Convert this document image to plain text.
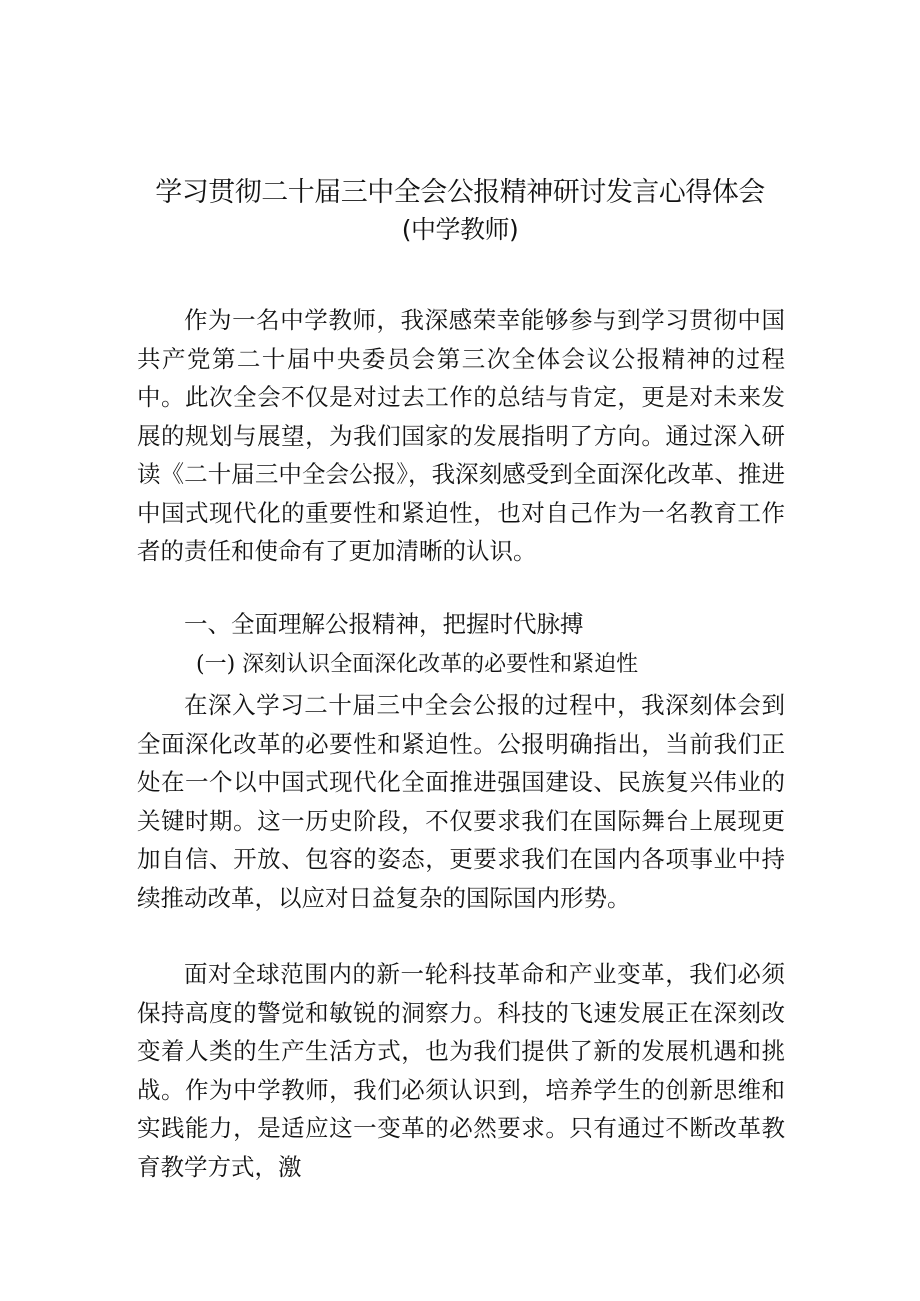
学习贯彻二十届三中全会公报精神研讨发言心得体会
(中学教师)

作为一名中学教师，我深感荣幸能够参与到学习贯彻中国共产党第二十届中央委员会第三次全体会议公报精神的过程中。此次全会不仅是对过去工作的总结与肯定，更是对未来发展的规划与展望，为我们国家的发展指明了方向。通过深入研读《二十届三中全会公报》，我深刻感受到全面深化改革、推进中国式现代化的重要性和紧迫性，也对自己作为一名教育工作者的责任和使命有了更加清晰的认识。

一、全面理解公报精神，把握时代脉搏

(一) 深刻认识全面深化改革的必要性和紧迫性

在深入学习二十届三中全会公报的过程中，我深刻体会到全面深化改革的必要性和紧迫性。公报明确指出，当前我们正处在一个以中国式现代化全面推进强国建设、民族复兴伟业的关键时期。这一历史阶段，不仅要求我们在国际舞台上展现更加自信、开放、包容的姿态，更要求我们在国内各项事业中持续推动改革，以应对日益复杂的国际国内形势。

面对全球范围内的新一轮科技革命和产业变革，我们必须保持高度的警觉和敏锐的洞察力。科技的飞速发展正在深刻改变着人类的生产生活方式，也为我们提供了新的发展机遇和挑战。作为中学教师，我们必须认识到，培养学生的创新思维和实践能力，是适应这一变革的必然要求。只有通过不断改革教育教学方式，激
